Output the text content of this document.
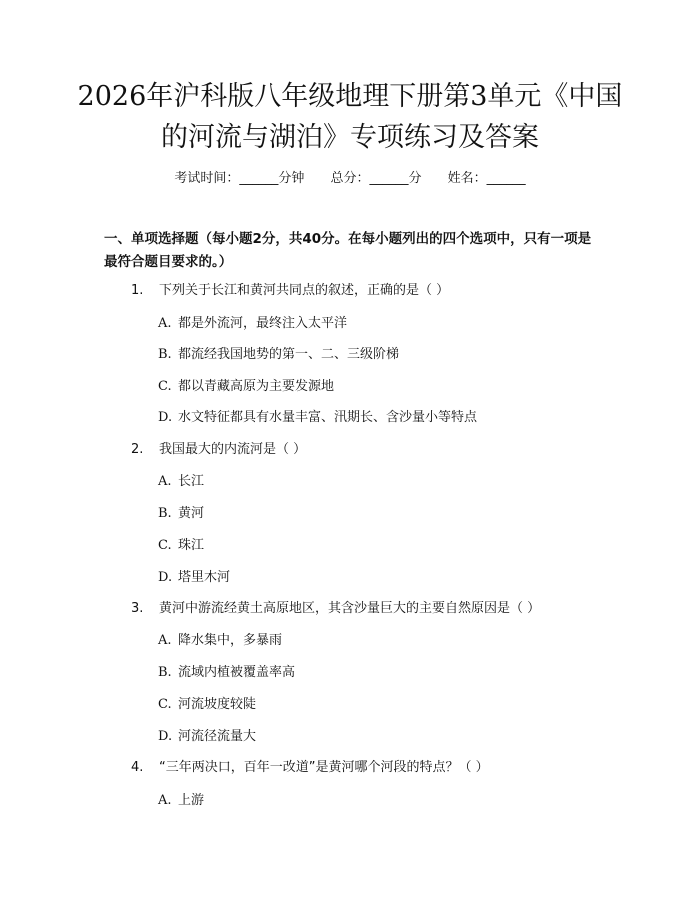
2026年沪科版八年级地理下册第3单元《中国的河流与湖泊》专项练习及答案
考试时间：______分钟 总分：______分 姓名：______
一、单项选择题（每小题2分，共40分。在每小题列出的四个选项中，只有一项是最符合题目要求的。）
1. 下列关于长江和黄河共同点的叙述，正确的是（ ）
A. 都是外流河，最终注入太平洋
B. 都流经我国地势的第一、二、三级阶梯
C. 都以青藏高原为主要发源地
D. 水文特征都具有水量丰富、汛期长、含沙量小等特点
2. 我国最大的内流河是（ ）
A. 长江
B. 黄河
C. 珠江
D. 塔里木河
3. 黄河中游流经黄土高原地区，其含沙量巨大的主要自然原因是（ ）
A. 降水集中，多暴雨
B. 流域内植被覆盖率高
C. 河流坡度较陡
D. 河流径流量大
4. “三年两决口，百年一改道”是黄河哪个河段的特点？（ ）
A. 上游
